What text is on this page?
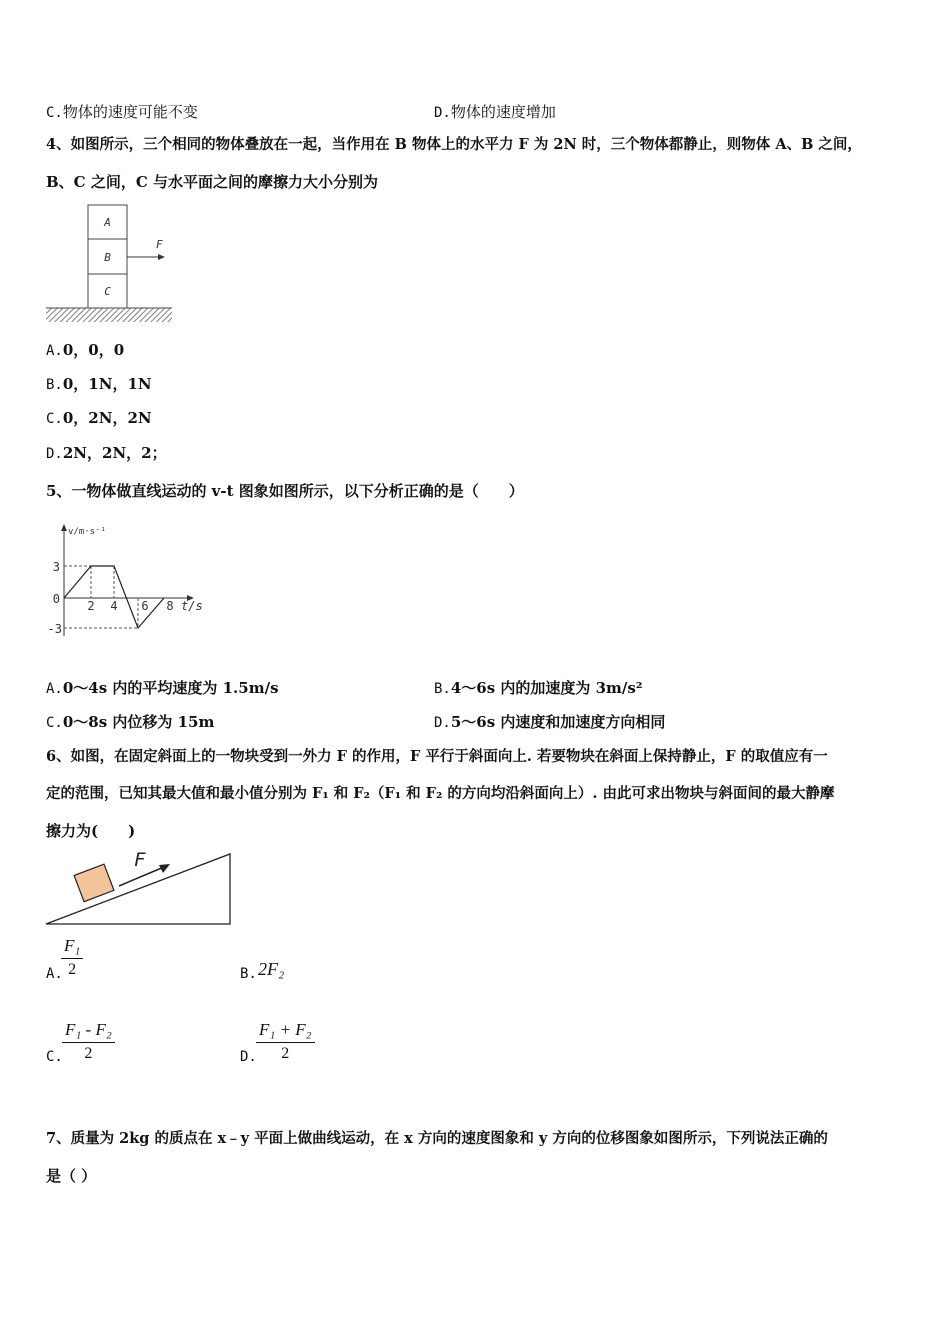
C.物体的速度可能不变	D.物体的速度增加
4、如图所示，三个相同的物体叠放在一起，当作用在 B 物体上的水平力 F 为 2N 时，三个物体都静止，则物体 A、B 之间，
B、C 之间，C 与水平面之间的摩擦力大小分别为
A
B
C
F
A.0，0，0
B.0，1N，1N
C.0，2N，2N
D.2N，2N，2；
5、一物体做直线运动的 v-t 图象如图所示，以下分析正确的是（　　）
v/m·s⁻¹
t/s
3
0
-3
2 4 6 8
A.0～4s 内的平均速度为 1.5m/s	B.4～6s 内的加速度为 3m/s²
C.0～8s 内位移为 15m	D.5～6s 内速度和加速度方向相同
6、如图，在固定斜面上的一物块受到一外力 F 的作用，F 平行于斜面向上. 若要物块在斜面上保持静止，F 的取值应有一
定的范围，已知其最大值和最小值分别为 F₁ 和 F₂（F₁ 和 F₂ 的方向均沿斜面向上）. 由此可求出物块与斜面间的最大静摩
擦力为(　　)
F
A.
F₁
2	B. 2F₂
C.
F₁ - F₂
2	D.
F₁ + F₂
2
7、质量为 2kg 的质点在 x﹣y 平面上做曲线运动，在 x 方向的速度图象和 y 方向的位移图象如图所示，下列说法正确的
是（ ）
